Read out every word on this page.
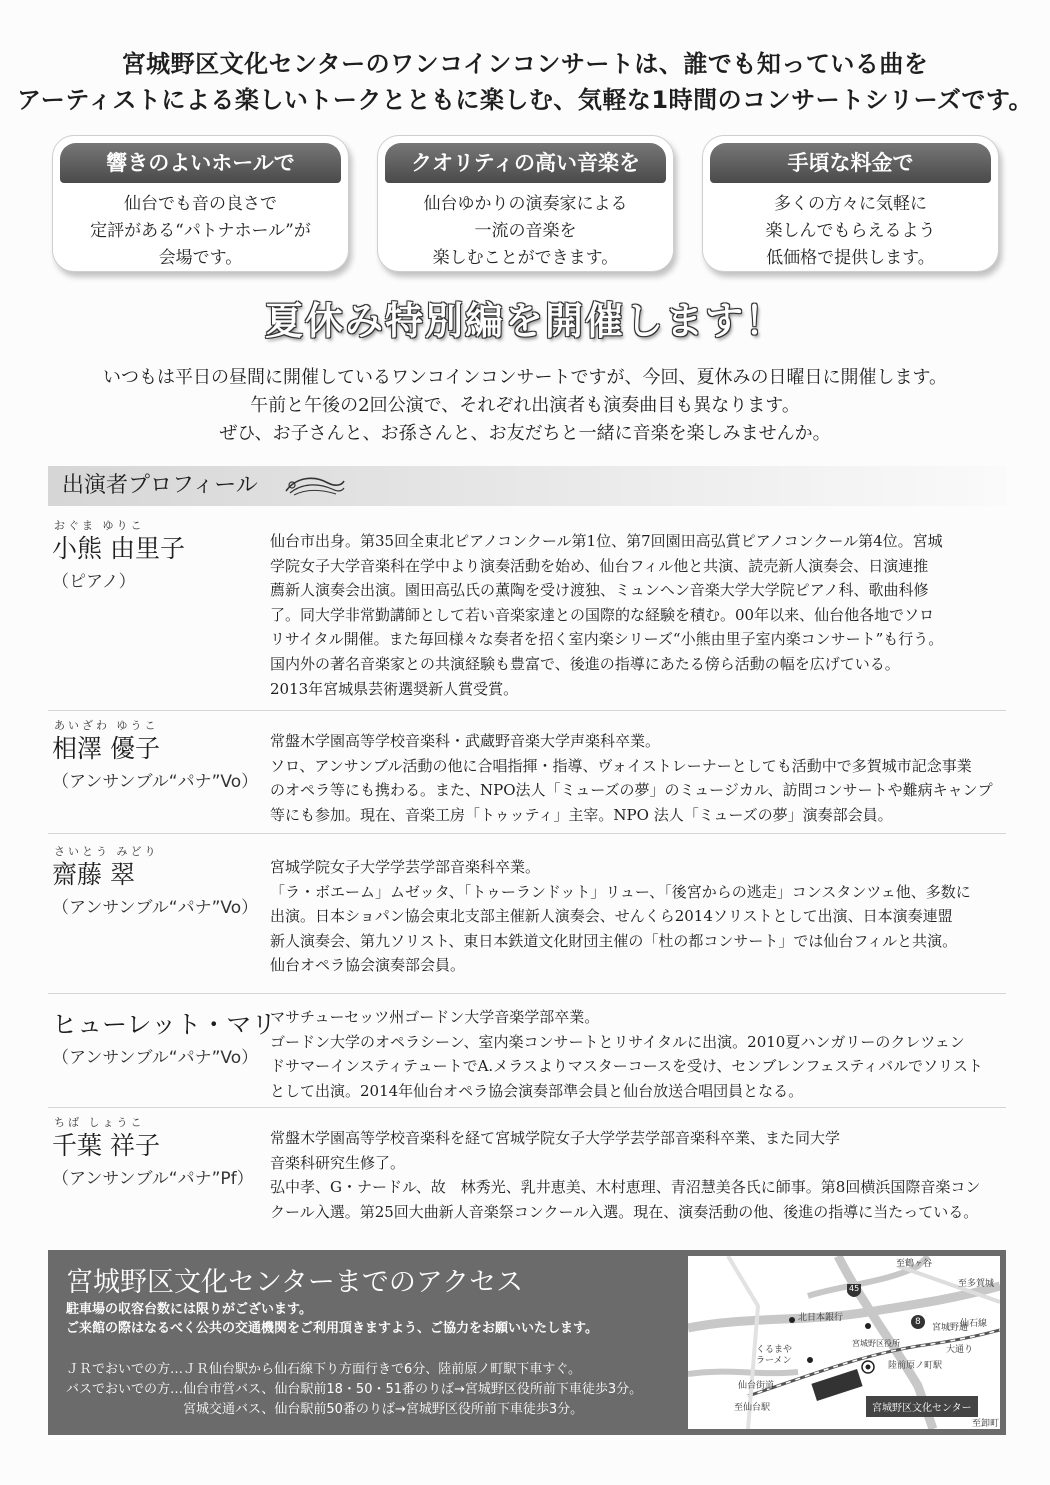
宮城野区文化センターのワンコインコンサートは、誰でも知っている曲を
アーティストによる楽しいトークとともに楽しむ、気軽な1時間のコンサートシリーズです。
響きのよいホールで
仙台でも音の良さで
定評がある“パトナホール”が
会場です。
クオリティの高い音楽を
仙台ゆかりの演奏家による
一流の音楽を
楽しむことができます。
手頃な料金で
多くの方々に気軽に
楽しんでもらえるよう
低価格で提供します。
夏休み特別編を開催します！
いつもは平日の昼間に開催しているワンコインコンサートですが、今回、夏休みの日曜日に開催します。
午前と午後の2回公演で、それぞれ出演者も演奏曲目も異なります。
ぜひ、お子さんと、お孫さんと、お友だちと一緒に音楽を楽しみませんか。
出演者プロフィール
おぐま ゆりこ
小熊 由里子
（ピアノ）
仙台市出身。第35回全東北ピアノコンクール第1位、第7回園田高弘賞ピアノコンクール第4位。宮城
学院女子大学音楽科在学中より演奏活動を始め、仙台フィル他と共演、読売新人演奏会、日演連推
薦新人演奏会出演。園田高弘氏の薫陶を受け渡独、ミュンヘン音楽大学大学院ピアノ科、歌曲科修
了。同大学非常勤講師として若い音楽家達との国際的な経験を積む。00年以来、仙台他各地でソロ
リサイタル開催。また毎回様々な奏者を招く室内楽シリーズ“小熊由里子室内楽コンサート”も行う。
国内外の著名音楽家との共演経験も豊富で、後進の指導にあたる傍ら活動の幅を広げている。
2013年宮城県芸術選奨新人賞受賞。
あいざわ ゆうこ
相澤 優子
（アンサンブル“パナ”Vo）
常盤木学園高等学校音楽科・武蔵野音楽大学声楽科卒業。
ソロ、アンサンブル活動の他に合唱指揮・指導、ヴォイストレーナーとしても活動中で多賀城市記念事業
のオペラ等にも携わる。また、NPO法人「ミューズの夢」のミュージカル、訪問コンサートや難病キャンプ
等にも参加。現在、音楽工房「トゥッティ」主宰。NPO 法人「ミューズの夢」演奏部会員。
さいとう みどり
齋藤 翠
（アンサンブル“パナ”Vo）
宮城学院女子大学学芸学部音楽科卒業。
「ラ・ボエーム」ムゼッタ、「トゥーランドット」リュー、「後宮からの逃走」コンスタンツェ他、多数に
出演。日本ショパン協会東北支部主催新人演奏会、せんくら2014ソリストとして出演、日本演奏連盟
新人演奏会、第九ソリスト、東日本鉄道文化財団主催の「杜の都コンサート」では仙台フィルと共演。
仙台オペラ協会演奏部会員。
ヒューレット・マリ
（アンサンブル“パナ”Vo）
マサチューセッツ州ゴードン大学音楽学部卒業。
ゴードン大学のオペラシーン、室内楽コンサートとリサイタルに出演。2010夏ハンガリーのクレツェン
ドサマーインスティテュートでA.メラスよりマスターコースを受け、センブレンフェスティバルでソリスト
として出演。2014年仙台オペラ協会演奏部準会員と仙台放送合唱団員となる。
ちば しょうこ
千葉 祥子
（アンサンブル“パナ”Pf）
常盤木学園高等学校音楽科を経て宮城学院女子大学学芸学部音楽科卒業、また同大学
音楽科研究生修了。
弘中孝、G・ナードル、故　林秀光、乳井恵美、木村恵理、青沼慧美各氏に師事。第8回横浜国際音楽コン
クール入選。第25回大曲新人音楽祭コンクール入選。現在、演奏活動の他、後進の指導に当たっている。
宮城野区文化センターまでのアクセス
駐車場の収容台数には限りがございます。
ご来館の際はなるべく公共の交通機関をご利用頂きますよう、ご協力をお願いいたします。
ＪＲでおいでの方…ＪＲ仙台駅から仙石線下り方面行きで6分、陸前原ノ町駅下車すぐ。
バスでおいでの方…仙台市営バス、仙台駅前18・50・51番のりば→宮城野区役所前下車徒歩3分。
　　　　　　　　　宮城交通バス、仙台駅前50番のりば→宮城野区役所前下車徒歩3分。
45
8
至鶴ヶ谷
至多賀城
北日本銀行
仙石線
宮城野通
大通り
くるまや
ラーメン
宮城野区役所
陸前原ノ町駅
仙台街道
至仙台駅
至卸町
宮城野区文化センター
